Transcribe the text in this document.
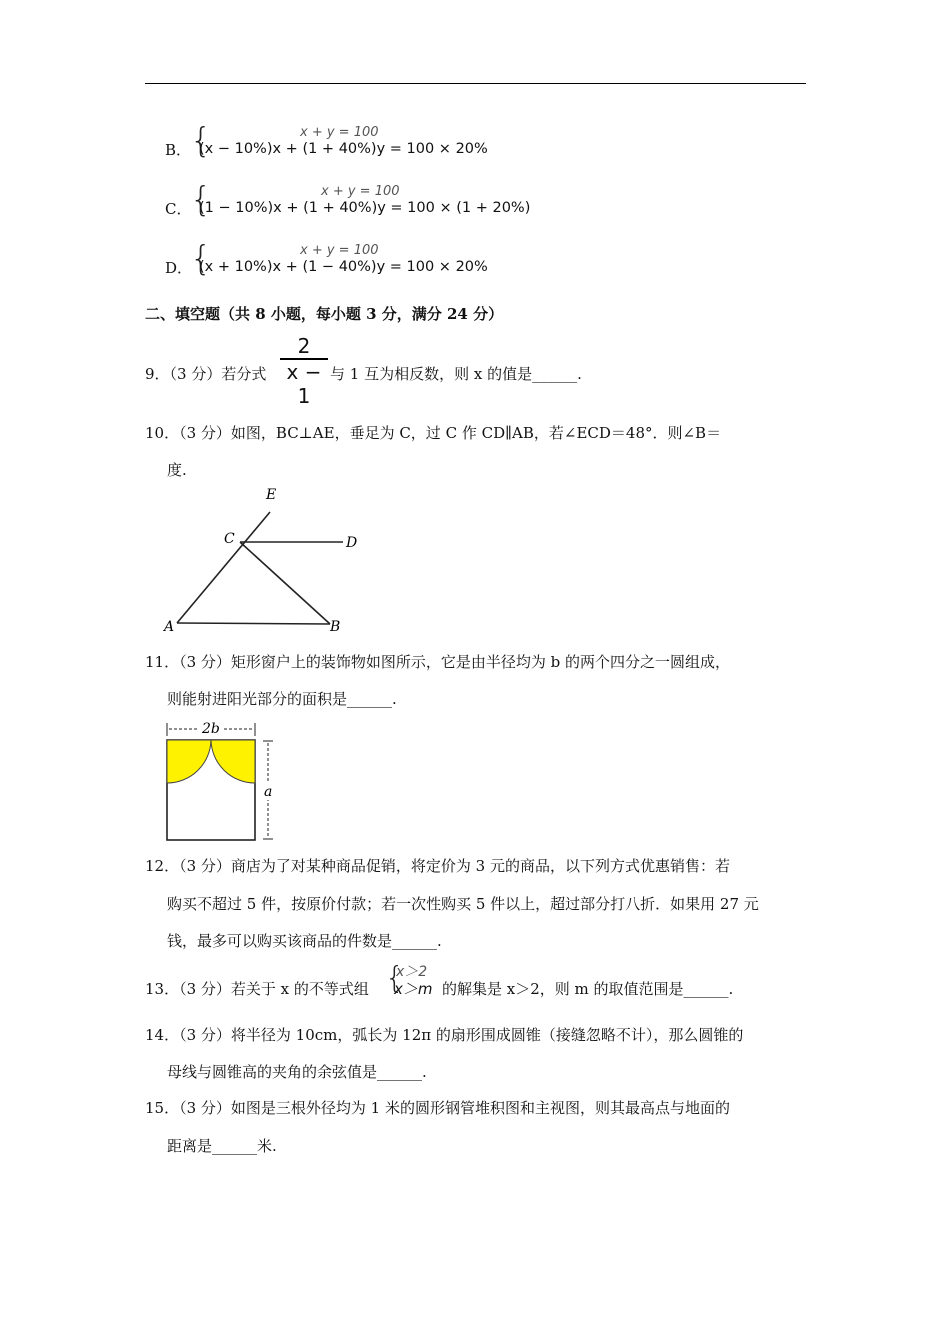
B．
{	x + y = 100
(x − 10%)x + (1 + 40%)y = 100 × 20%
C．
{	x + y = 100
(1 − 10%)x + (1 + 40%)y = 100 × (1 + 20%)
D．
{	x + y = 100
(x + 10%)x + (1 − 40%)y = 100 × 20%
二、填空题（共 8 小题，每小题 3 分，满分 24 分）
9．（3 分）若分式
2
x − 1
与 1 互为相反数，则 x 的值是______.
10．（3 分）如图，BC⊥AE，垂足为 C，过 C 作 CD∥AB，若∠ECD＝48°．则∠B＝
度.
E
C	D
A	B
11．（3 分）矩形窗户上的装饰物如图所示，它是由半径均为 b 的两个四分之一圆组成，
则能射进阳光部分的面积是______.
2b
a
12．（3 分）商店为了对某种商品促销，将定价为 3 元的商品，以下列方式优惠销售：若
购买不超过 5 件，按原价付款；若一次性购买 5 件以上，超过部分打八折．如果用 27 元
钱，最多可以购买该商品的件数是______.
13．（3 分）若关于 x 的不等式组 {
x＞2
x＞m 的解集是 x＞2，则 m 的取值范围是______.
14．（3 分）将半径为 10cm，弧长为 12π 的扇形围成圆锥（接缝忽略不计），那么圆锥的
母线与圆锥高的夹角的余弦值是______.
15．（3 分）如图是三根外径均为 1 米的圆形钢管堆积图和主视图，则其最高点与地面的
距离是______米.
